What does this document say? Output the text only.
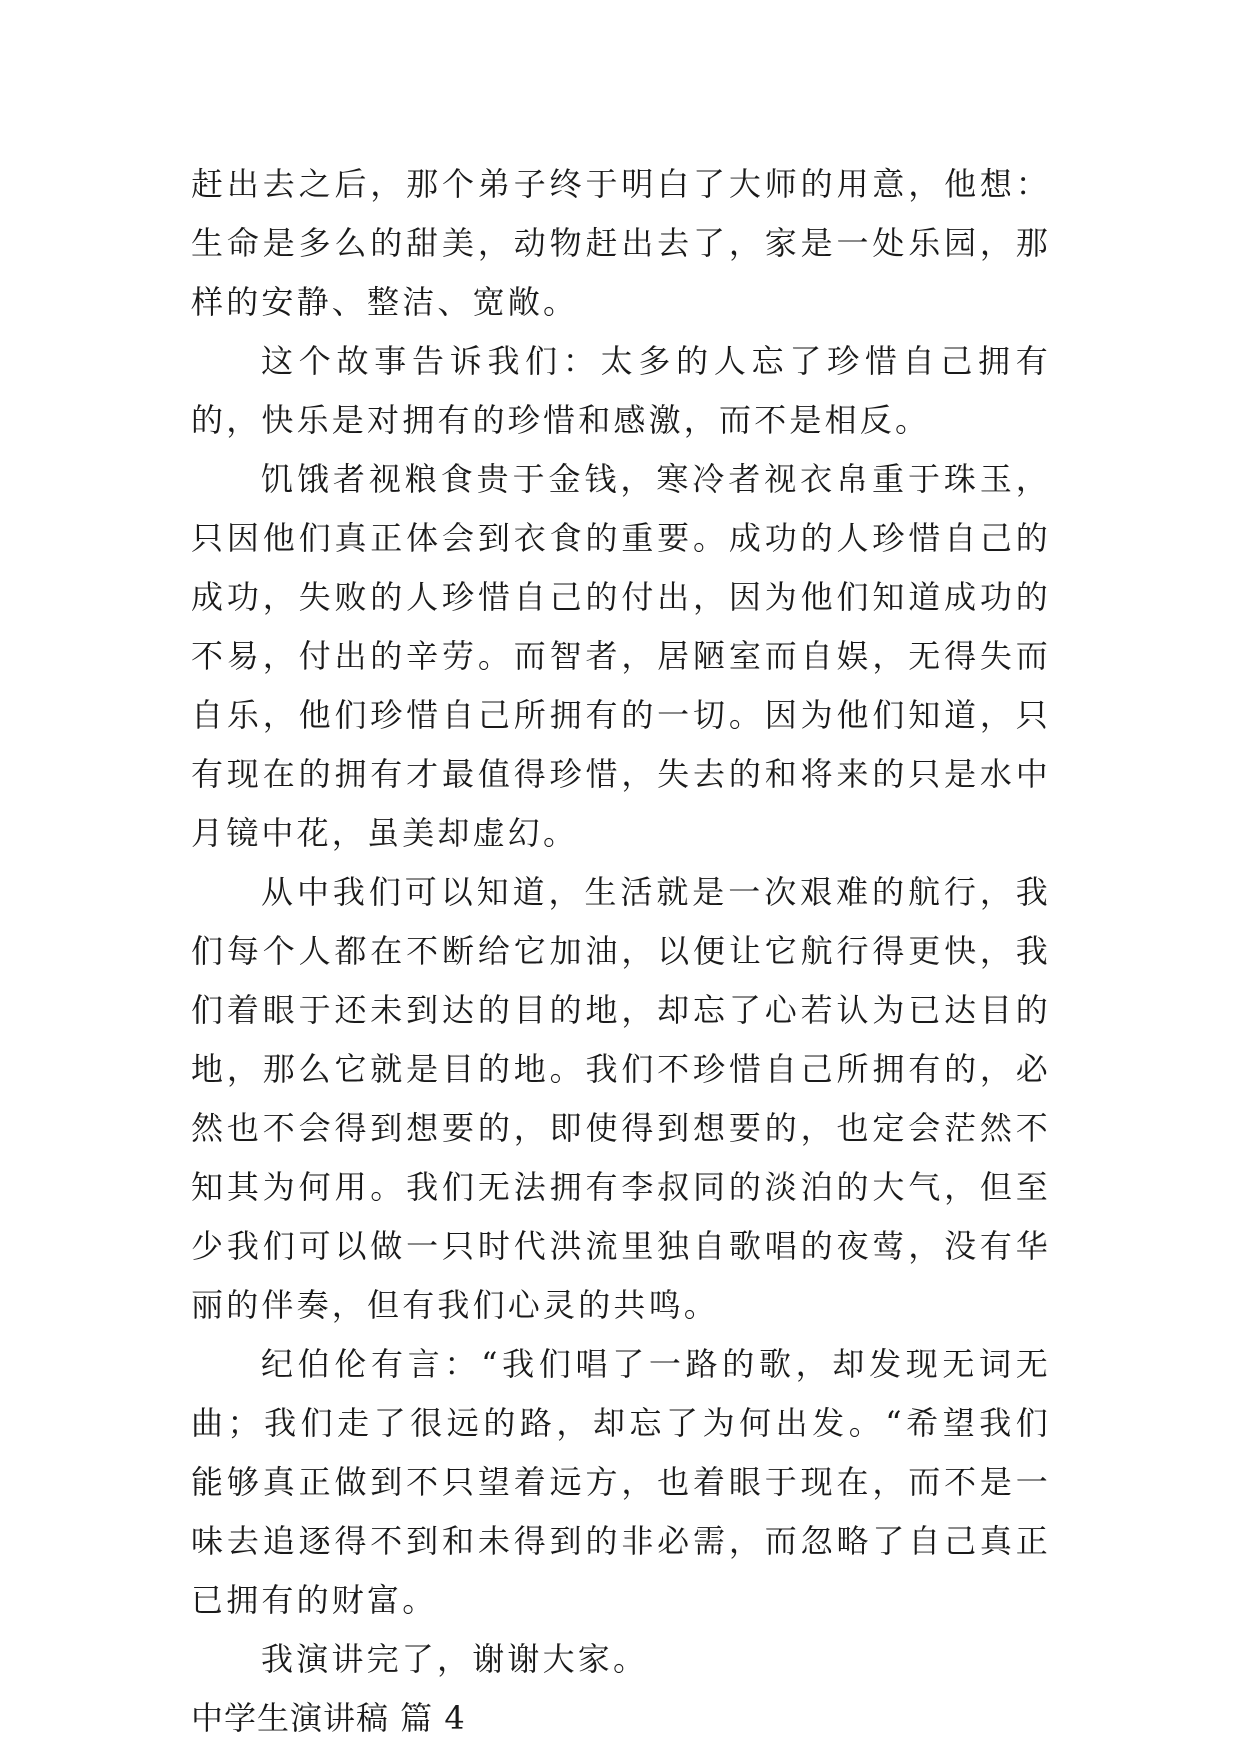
赶出去之后，那个弟子终于明白了大师的用意，他想：生命是多么的甜美，动物赶出去了，家是一处乐园，那样的安静、整洁、宽敞。

这个故事告诉我们：太多的人忘了珍惜自己拥有的，快乐是对拥有的珍惜和感激，而不是相反。

饥饿者视粮食贵于金钱，寒冷者视衣帛重于珠玉，只因他们真正体会到衣食的重要。成功的人珍惜自己的成功，失败的人珍惜自己的付出，因为他们知道成功的不易，付出的辛劳。而智者，居陋室而自娱，无得失而自乐，他们珍惜自己所拥有的一切。因为他们知道，只有现在的拥有才最值得珍惜，失去的和将来的只是水中月镜中花，虽美却虚幻。

从中我们可以知道，生活就是一次艰难的航行，我们每个人都在不断给它加油，以便让它航行得更快，我们着眼于还未到达的目的地，却忘了心若认为已达目的地，那么它就是目的地。我们不珍惜自己所拥有的，必然也不会得到想要的，即使得到想要的，也定会茫然不知其为何用。我们无法拥有李叔同的淡泊的大气，但至少我们可以做一只时代洪流里独自歌唱的夜莺，没有华丽的伴奏，但有我们心灵的共鸣。

纪伯伦有言：“我们唱了一路的歌，却发现无词无曲；我们走了很远的路，却忘了为何出发。“希望我们能够真正做到不只望着远方，也着眼于现在，而不是一味去追逐得不到和未得到的非必需，而忽略了自己真正已拥有的财富。

我演讲完了，谢谢大家。

中学生演讲稿 篇 4
